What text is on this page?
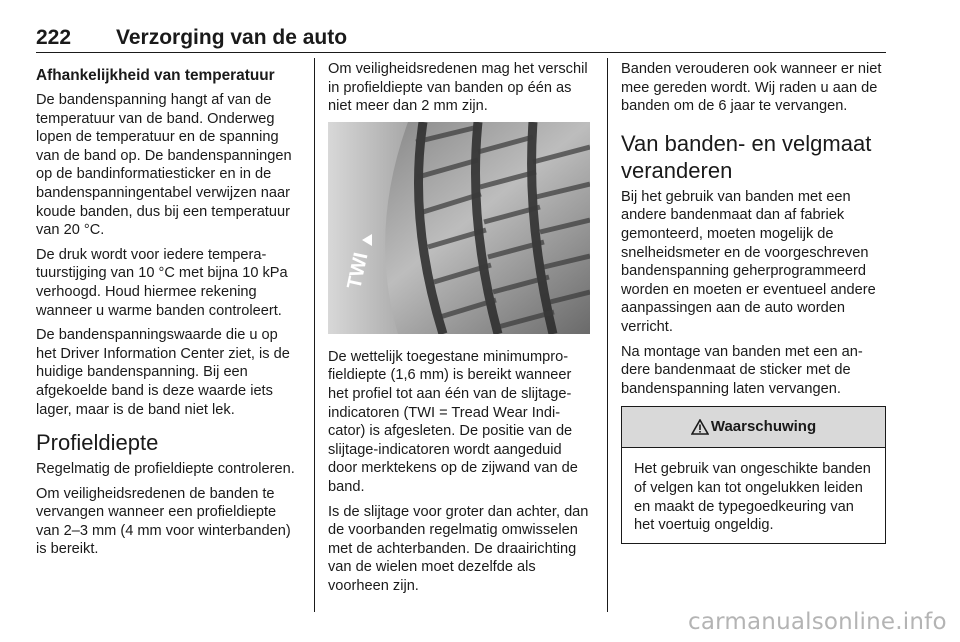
222 Verzorging van de auto
Afhankelijkheid van temperatuur

De bandenspanning hangt af van de temperatuur van de band. Onderweg lopen de temperatuur en de spanning van de band op. De bandenspanningen op de bandinformatiesticker en in de bandenspanningentabel verwijzen naar koude banden, dus bij een temperatuur van 20 °C.

De druk wordt voor iedere temperatuurstijging van 10 °C met bijna 10 kPa verhoogd. Houd hiermee rekening wanneer u warme banden controleert.

De bandenspanningswaarde die u op het Driver Information Center ziet, is de huidige bandenspanning. Bij een afgekoelde band is deze waarde iets lager, maar is de band niet lek.

Profieldiepte

Regelmatig de profieldiepte controleren.

Om veiligheidsredenen de banden te vervangen wanneer een profieldiepte van 2–3 mm (4 mm voor winterbanden) is bereikt.

Om veiligheidsredenen mag het verschil in profieldiepte van banden op één as niet meer dan 2 mm zijn.

TWI

De wettelijk toegestane minimumprofieldiepte (1,6 mm) is bereikt wanneer het profiel tot aan één van de slijtageindicatoren (TWI = Tread Wear Indicator) is afgesleten. De positie van de slijtage-indicatoren wordt aangeduid door merktekens op de zijwand van de band.

Is de slijtage voor groter dan achter, dan de voorbanden regelmatig omwisselen met de achterbanden. De draairichting van de wielen moet dezelfde als voorheen zijn.

Banden verouderen ook wanneer er niet mee gereden wordt. Wij raden u aan de banden om de 6 jaar te vervangen.

Van banden- en velgmaat veranderen

Bij het gebruik van banden met een andere bandenmaat dan af fabriek gemonteerd, moeten mogelijk de snelheidsmeter en de voorgeschreven bandenspanning geherprogrammeerd worden en moeten er eventueel andere aanpassingen aan de auto worden verricht.

Na montage van banden met een andere bandenmaat de sticker met de bandenspanning laten vervangen.

Waarschuwing
Het gebruik van ongeschikte banden of velgen kan tot ongelukken leiden en maakt de typegoedkeuring van het voertuig ongeldig.
carmanualsonline.info
